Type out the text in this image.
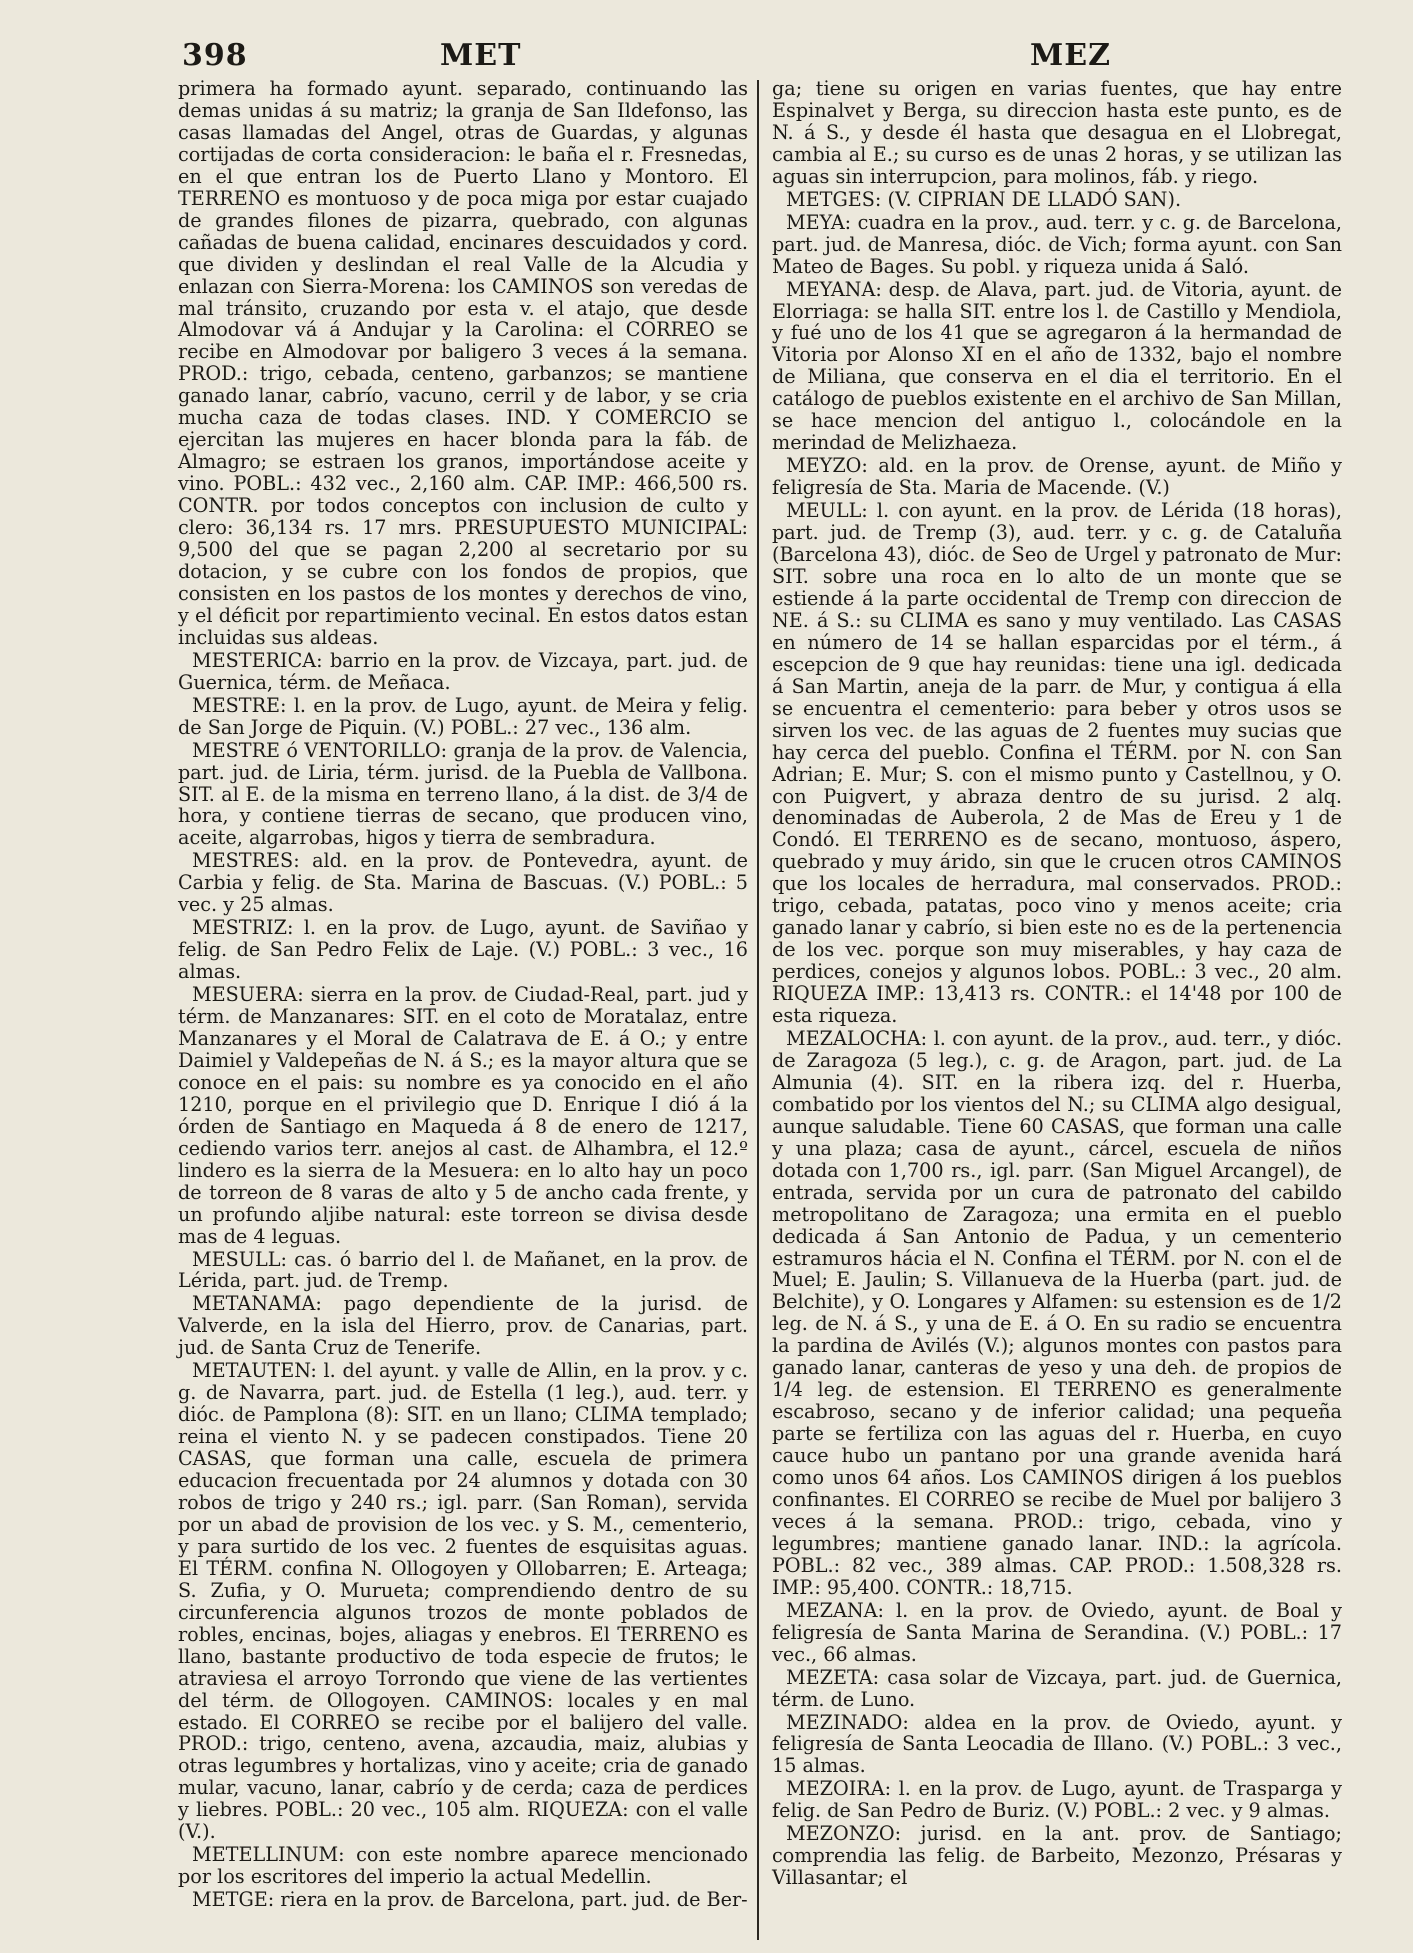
398	MET	MEZ

primera ha formado ayunt. separado, continuando las demas unidas á su matriz; la granja de San Ildefonso, las casas llamadas del Angel, otras de Guardas, y algunas cortijadas de corta consideracion: le baña el r. Fresnedas, en el que entran los de Puerto Llano y Montoro. El TERRENO es montuoso y de poca miga por estar cuajado de grandes filones de pizarra, quebrado, con algunas cañadas de buena calidad, encinares descuidados y cord. que dividen y deslindan el real Valle de la Alcudia y enlazan con Sierra-Morena: los CAMINOS son veredas de mal tránsito, cruzando por esta v. el atajo, que desde Almodovar vá á Andujar y la Carolina: el CORREO se recibe en Almodovar por baligero 3 veces á la semana. PROD.: trigo, cebada, centeno, garbanzos; se mantiene ganado lanar, cabrío, vacuno, cerril y de labor, y se cria mucha caza de todas clases. IND. Y COMERCIO se ejercitan las mujeres en hacer blonda para la fáb. de Almagro; se estraen los granos, importándose aceite y vino. POBL.: 432 vec., 2,160 alm. CAP. IMP.: 466,500 rs. CONTR. por todos conceptos con inclusion de culto y clero: 36,134 rs. 17 mrs. PRESUPUESTO MUNICIPAL: 9,500 del que se pagan 2,200 al secretario por su dotacion, y se cubre con los fondos de propios, que consisten en los pastos de los montes y derechos de vino, y el déficit por repartimiento vecinal. En estos datos estan incluidas sus aldeas.

MESTERICA: barrio en la prov. de Vizcaya, part. jud. de Guernica, térm. de Meñaca.

MESTRE: l. en la prov. de Lugo, ayunt. de Meira y felig. de San Jorge de Piquin. (V.) POBL.: 27 vec., 136 alm.

MESTRE ó VENTORILLO: granja de la prov. de Valencia, part. jud. de Liria, térm. jurisd. de la Puebla de Vallbona. SIT. al E. de la misma en terreno llano, á la dist. de 3/4 de hora, y contiene tierras de secano, que producen vino, aceite, algarrobas, higos y tierra de sembradura.

MESTRES: ald. en la prov. de Pontevedra, ayunt. de Carbia y felig. de Sta. Marina de Bascuas. (V.) POBL.: 5 vec. y 25 almas.

MESTRIZ: l. en la prov. de Lugo, ayunt. de Saviñao y felig. de San Pedro Felix de Laje. (V.) POBL.: 3 vec., 16 almas.

MESUERA: sierra en la prov. de Ciudad-Real, part. jud y térm. de Manzanares: SIT. en el coto de Moratalaz, entre Manzanares y el Moral de Calatrava de E. á O.; y entre Daimiel y Valdepeñas de N. á S.; es la mayor altura que se conoce en el pais: su nombre es ya conocido en el año 1210, porque en el privilegio que D. Enrique I dió á la órden de Santiago en Maqueda á 8 de enero de 1217, cediendo varios terr. anejos al cast. de Alhambra, el 12.º lindero es la sierra de la Mesuera: en lo alto hay un poco de torreon de 8 varas de alto y 5 de ancho cada frente, y un profundo aljibe natural: este torreon se divisa desde mas de 4 leguas.

MESULL: cas. ó barrio del l. de Mañanet, en la prov. de Lérida, part. jud. de Tremp.

METANAMA: pago dependiente de la jurisd. de Valverde, en la isla del Hierro, prov. de Canarias, part. jud. de Santa Cruz de Tenerife.

METAUTEN: l. del ayunt. y valle de Allin, en la prov. y c. g. de Navarra, part. jud. de Estella (1 leg.), aud. terr. y dióc. de Pamplona (8): SIT. en un llano; CLIMA templado; reina el viento N. y se padecen constipados. Tiene 20 CASAS, que forman una calle, escuela de primera educacion frecuentada por 24 alumnos y dotada con 30 robos de trigo y 240 rs.; igl. parr. (San Roman), servida por un abad de provision de los vec. y S. M., cementerio, y para surtido de los vec. 2 fuentes de esquisitas aguas. El TÉRM. confina N. Ollogoyen y Ollobarren; E. Arteaga; S. Zufia, y O. Murueta; comprendiendo dentro de su circunferencia algunos trozos de monte poblados de robles, encinas, bojes, aliagas y enebros. El TERRENO es llano, bastante productivo de toda especie de frutos; le atraviesa el arroyo Torrondo que viene de las vertientes del térm. de Ollogoyen. CAMINOS: locales y en mal estado. El CORREO se recibe por el balijero del valle. PROD.: trigo, centeno, avena, azcaudia, maiz, alubias y otras legumbres y hortalizas, vino y aceite; cria de ganado mular, vacuno, lanar, cabrío y de cerda; caza de perdices y liebres. POBL.: 20 vec., 105 alm. RIQUEZA: con el valle (V.).

METELLINUM: con este nombre aparece mencionado por los escritores del imperio la actual Medellin.

METGE: riera en la prov. de Barcelona, part. jud. de Ber-

ga; tiene su origen en varias fuentes, que hay entre Espinalvet y Berga, su direccion hasta este punto, es de N. á S., y desde él hasta que desagua en el Llobregat, cambia al E.; su curso es de unas 2 horas, y se utilizan las aguas sin interrupcion, para molinos, fáb. y riego.

METGES: (V. CIPRIAN DE LLADÓ SAN).

MEYA: cuadra en la prov., aud. terr. y c. g. de Barcelona, part. jud. de Manresa, dióc. de Vich; forma ayunt. con San Mateo de Bages. Su pobl. y riqueza unida á Saló.

MEYANA: desp. de Alava, part. jud. de Vitoria, ayunt. de Elorriaga: se halla SIT. entre los l. de Castillo y Mendiola, y fué uno de los 41 que se agregaron á la hermandad de Vitoria por Alonso XI en el año de 1332, bajo el nombre de Miliana, que conserva en el dia el territorio. En el catálogo de pueblos existente en el archivo de San Millan, se hace mencion del antiguo l., colocándole en la merindad de Melizhaeza.

MEYZO: ald. en la prov. de Orense, ayunt. de Miño y feligresía de Sta. Maria de Macende. (V.)

MEULL: l. con ayunt. en la prov. de Lérida (18 horas), part. jud. de Tremp (3), aud. terr. y c. g. de Cataluña (Barcelona 43), dióc. de Seo de Urgel y patronato de Mur: SIT. sobre una roca en lo alto de un monte que se estiende á la parte occidental de Tremp con direccion de NE. á S.: su CLIMA es sano y muy ventilado. Las CASAS en número de 14 se hallan esparcidas por el térm., á escepcion de 9 que hay reunidas: tiene una igl. dedicada á San Martin, aneja de la parr. de Mur, y contigua á ella se encuentra el cementerio: para beber y otros usos se sirven los vec. de las aguas de 2 fuentes muy sucias que hay cerca del pueblo. Confina el TÉRM. por N. con San Adrian; E. Mur; S. con el mismo punto y Castellnou, y O. con Puigvert, y abraza dentro de su jurisd. 2 alq. denominadas de Auberola, 2 de Mas de Ereu y 1 de Condó. El TERRENO es de secano, montuoso, áspero, quebrado y muy árido, sin que le crucen otros CAMINOS que los locales de herradura, mal conservados. PROD.: trigo, cebada, patatas, poco vino y menos aceite; cria ganado lanar y cabrío, si bien este no es de la pertenencia de los vec. porque son muy miserables, y hay caza de perdices, conejos y algunos lobos. POBL.: 3 vec., 20 alm. RIQUEZA IMP.: 13,413 rs. CONTR.: el 14'48 por 100 de esta riqueza.

MEZALOCHA: l. con ayunt. de la prov., aud. terr., y dióc. de Zaragoza (5 leg.), c. g. de Aragon, part. jud. de La Almunia (4). SIT. en la ribera izq. del r. Huerba, combatido por los vientos del N.; su CLIMA algo desigual, aunque saludable. Tiene 60 CASAS, que forman una calle y una plaza; casa de ayunt., cárcel, escuela de niños dotada con 1,700 rs., igl. parr. (San Miguel Arcangel), de entrada, servida por un cura de patronato del cabildo metropolitano de Zaragoza; una ermita en el pueblo dedicada á San Antonio de Padua, y un cementerio estramuros hácia el N. Confina el TÉRM. por N. con el de Muel; E. Jaulin; S. Villanueva de la Huerba (part. jud. de Belchite), y O. Longares y Alfamen: su estension es de 1/2 leg. de N. á S., y una de E. á O. En su radio se encuentra la pardina de Avilés (V.); algunos montes con pastos para ganado lanar, canteras de yeso y una deh. de propios de 1/4 leg. de estension. El TERRENO es generalmente escabroso, secano y de inferior calidad; una pequeña parte se fertiliza con las aguas del r. Huerba, en cuyo cauce hubo un pantano por una grande avenida hará como unos 64 años. Los CAMINOS dirigen á los pueblos confinantes. El CORREO se recibe de Muel por balijero 3 veces á la semana. PROD.: trigo, cebada, vino y legumbres; mantiene ganado lanar. IND.: la agrícola. POBL.: 82 vec., 389 almas. CAP. PROD.: 1.508,328 rs. IMP.: 95,400. CONTR.: 18,715.

MEZANA: l. en la prov. de Oviedo, ayunt. de Boal y feligresía de Santa Marina de Serandina. (V.) POBL.: 17 vec., 66 almas.

MEZETA: casa solar de Vizcaya, part. jud. de Guernica, térm. de Luno.

MEZINADO: aldea en la prov. de Oviedo, ayunt. y feligresía de Santa Leocadia de Illano. (V.) POBL.: 3 vec., 15 almas.

MEZOIRA: l. en la prov. de Lugo, ayunt. de Trasparga y felig. de San Pedro de Buriz. (V.) POBL.: 2 vec. y 9 almas.

MEZONZO: jurisd. en la ant. prov. de Santiago; comprendia las felig. de Barbeito, Mezonzo, Présaras y Villasantar; el
